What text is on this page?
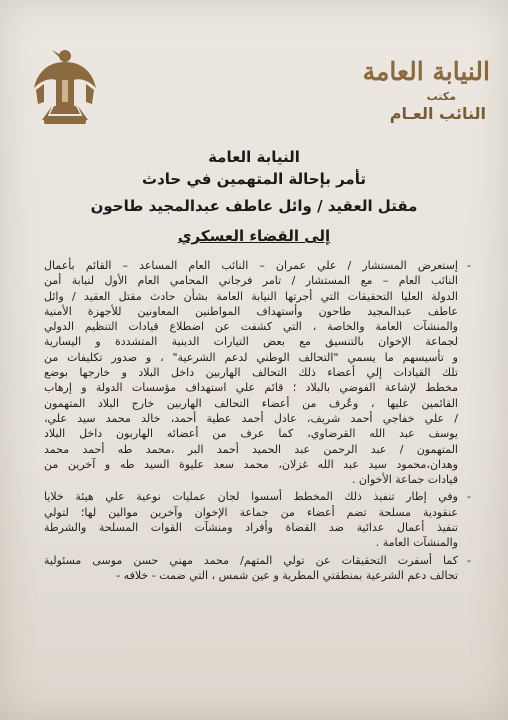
النيابة العامة
مكتب
النائب العـام
النيابة العامة
تأمر بإحالة المتهمين في حادث
مقتل العقيد / وائل عاطف عبدالمجيد طاحون
إلى القضاء العسكري
-
إستعرض المستشار / علي عمران – النائب العام المساعد – القائم بأعمال
النائب العام – مع المستشار / تامر فرجاني المحامي العام الأول لنيابة أمن
الدولة العليا التحقيقات التي أجرتها النيابة العامة بشأن حادث مقتل العقيد / وائل
عاطف عبدالمجيد طاحون وأستهداف المواطنين المعاونين للأجهزة الأمنية
والمنشآت العامة والخاصة ، التي كشفت عن اضطلاع قيادات التنظيم الدولي
لجماعة الإخوان بالتنسيق مع بعض التيارات الدينية المتشددة و اليسارية
و تأسيسهم ما يسمي "التحالف الوطني لدعم الشرعية" ، و صدور تكليفات من
تلك القيادات إلي أعضاء ذلك التحالف الهاربين داخل البلاد و خارجها بوضع
مخطط لإشاعة الفوضي بالبلاد ؛ قائم علي استهداف مؤسسات الدولة و إرهاب
القائمين عليها ، وعُرف من أعضاء التحالف الهاربين خارج البلاد المتهمون
/ علي خفاجي أحمد شريف، عادل أحمد عطية أحمد، خالد محمد سيد علي،
يوسف عبد الله القرضاوي، كما عرف من أعضائه الهاربون داخل البلاد
المتهمون / عبد الرحمن عبد الحميد أحمد البر ،محمد طه أحمد محمد
وهدان،محمود سيد عبد الله غزلان، محمد سعد عليوة السيد طه و آخرين من
قيادات جماعة الأخوان .
-
وفي إطار تنفيذ ذلك المخطط أسسوا لجان عمليات نوعية علي هيئة خلايا
عنقودية مسلحة تضم أعضاء من جماعة الإخوان وآخرين موالين لها؛ لتولي
تنفيذ أعمال عدائية ضد القضاة وأفراد ومنشآت القوات المسلحة والشرطة
والمنشآت العامة .
-
كما أسفرت التحقيقات عن تولي المتهم/ محمد مهني حسن موسى مسئولية
تحالف دعم الشرعية بمنطقتي المطرية و عين شمس ، التي ضمت - خلافه -
